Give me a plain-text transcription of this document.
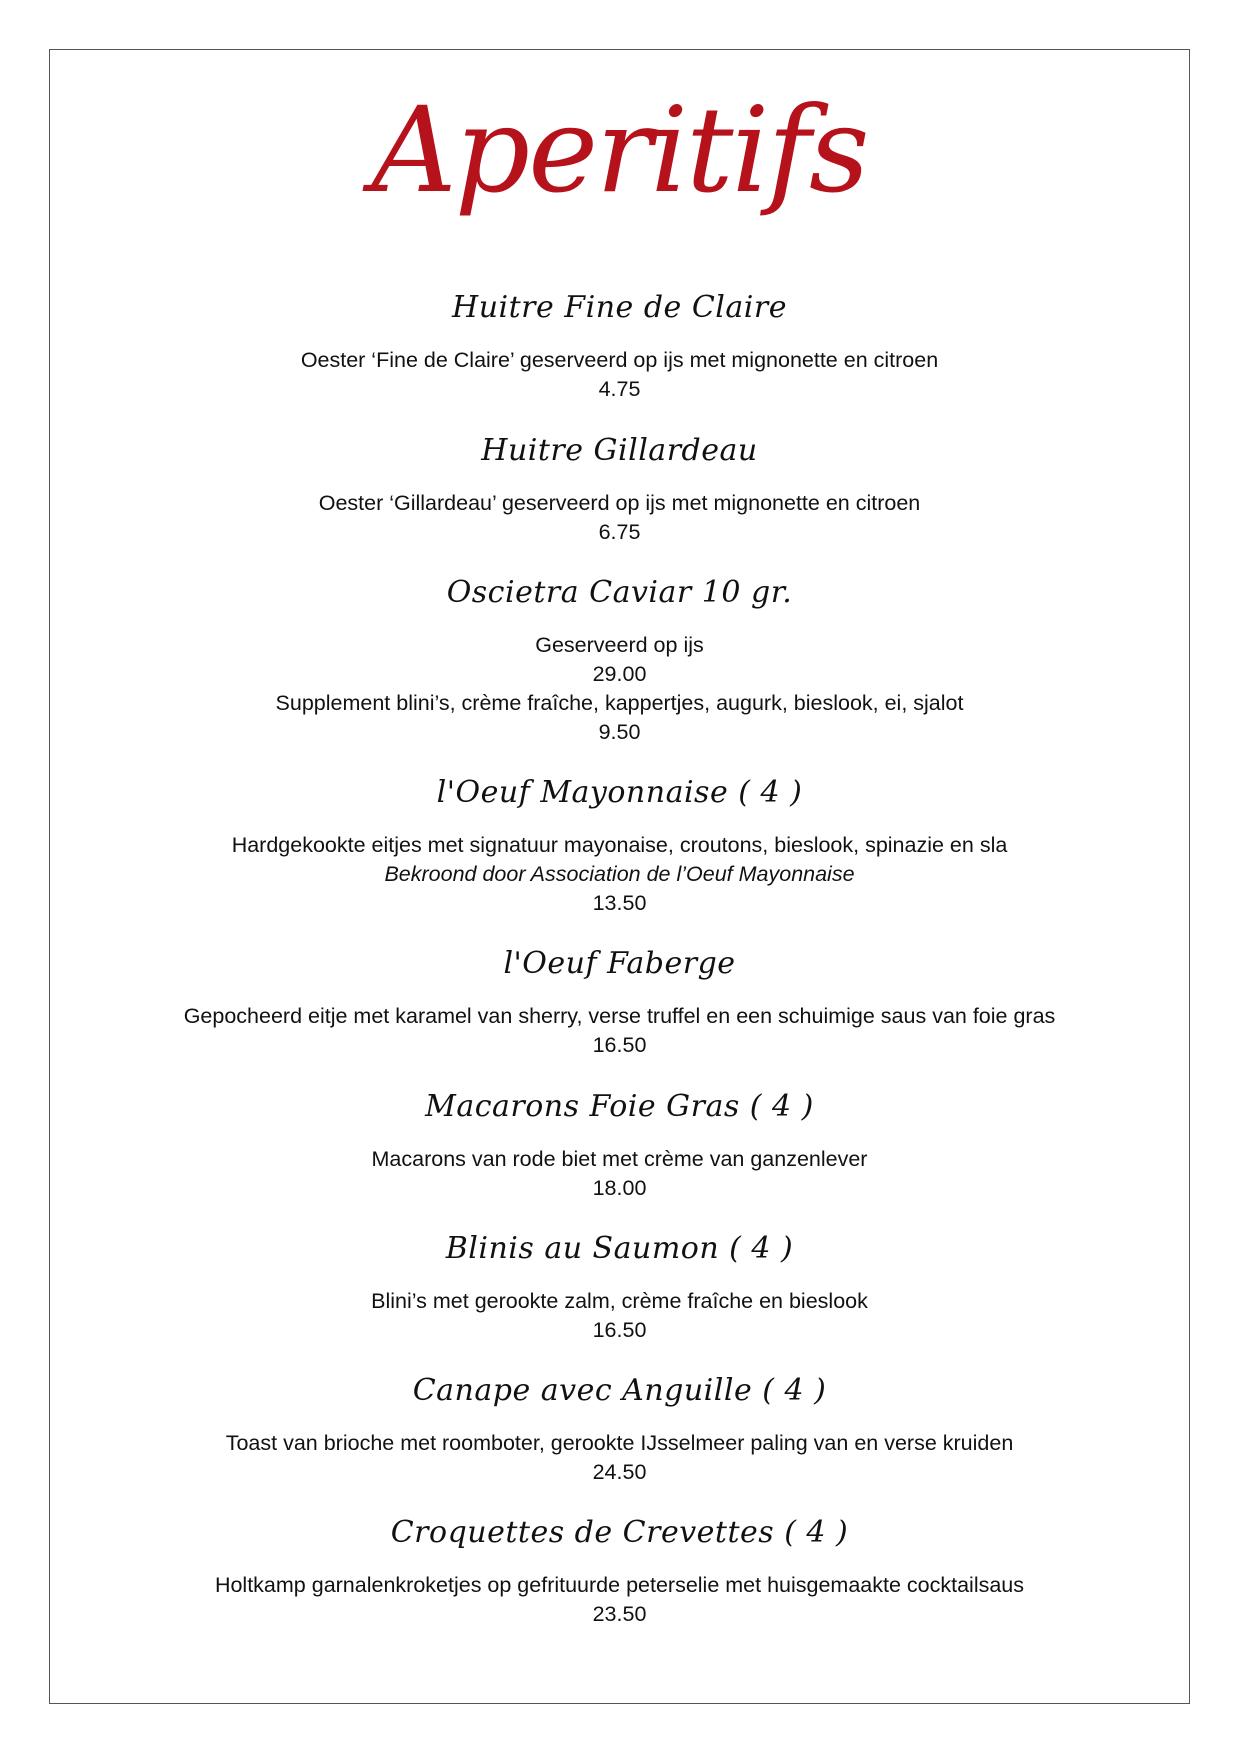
Aperitifs
Huitre Fine de Claire
Oester ‘Fine de Claire’ geserveerd op ijs met mignonette en citroen
4.75
Huitre Gillardeau
Oester ‘Gillardeau’ geserveerd op ijs met mignonette en citroen
6.75
Oscietra Caviar 10 gr.
Geserveerd op ijs
29.00
Supplement blini’s, crème fraîche, kappertjes, augurk, bieslook, ei, sjalot
9.50
l'Oeuf Mayonnaise ( 4 )
Hardgekookte eitjes met signatuur mayonaise, croutons, bieslook, spinazie en sla
Bekroond door Association de l’Oeuf Mayonnaise
13.50
l'Oeuf Faberge
Gepocheerd eitje met karamel van sherry, verse truffel en een schuimige saus van foie gras
16.50
Macarons Foie Gras ( 4 )
Macarons van rode biet met crème van ganzenlever
18.00
Blinis au Saumon ( 4 )
Blini’s met gerookte zalm, crème fraîche en bieslook
16.50
Canape avec Anguille ( 4 )
Toast van brioche met roomboter, gerookte IJsselmeer paling van en verse kruiden
24.50
Croquettes de Crevettes ( 4 )
Holtkamp garnalenkroketjes op gefrituurde peterselie met huisgemaakte cocktailsaus
23.50
